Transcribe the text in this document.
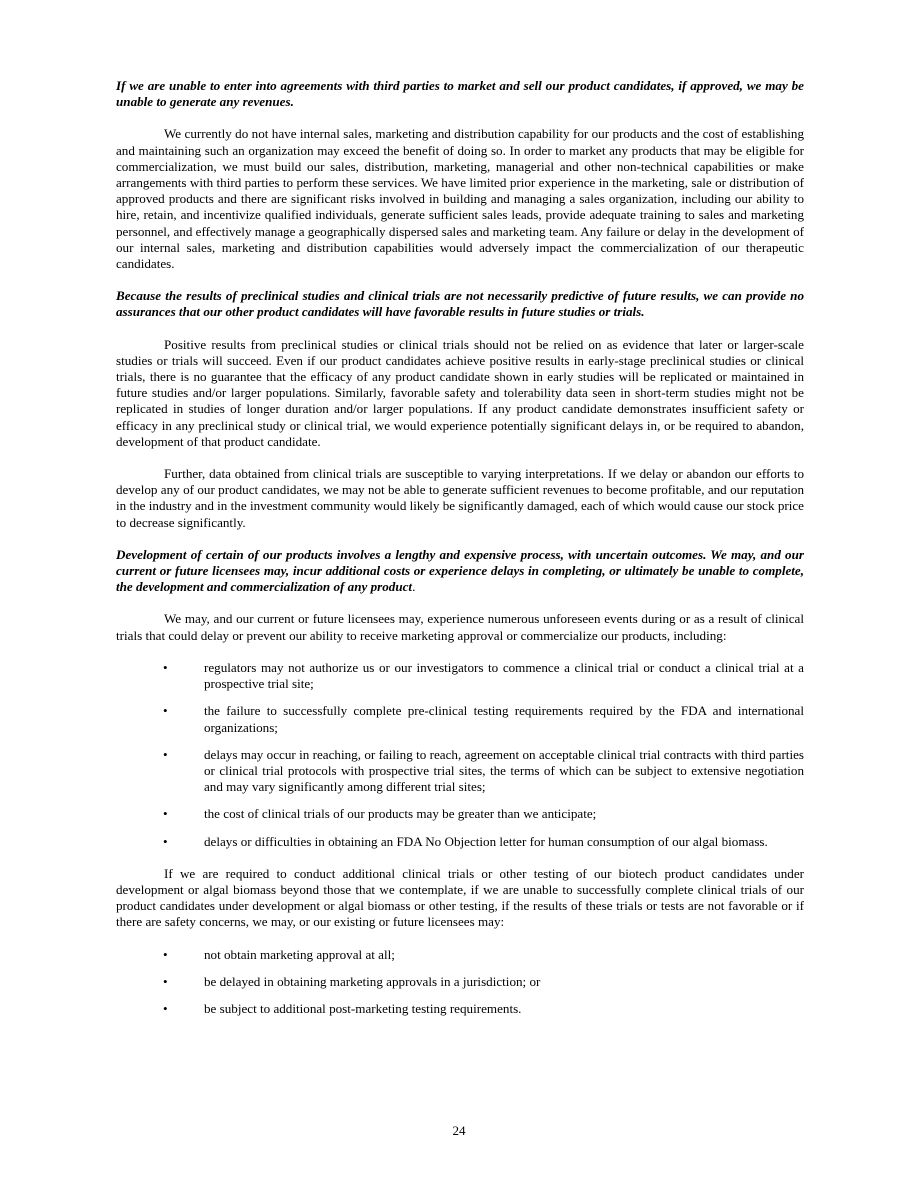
If we are unable to enter into agreements with third parties to market and sell our product candidates, if approved, we may be unable to generate any revenues.

We currently do not have internal sales, marketing and distribution capability for our products and the cost of establishing and maintaining such an organization may exceed the benefit of doing so. In order to market any products that may be eligible for commercialization, we must build our sales, distribution, marketing, managerial and other non-technical capabilities or make arrangements with third parties to perform these services. We have limited prior experience in the marketing, sale or distribution of approved products and there are significant risks involved in building and managing a sales organization, including our ability to hire, retain, and incentivize qualified individuals, generate sufficient sales leads, provide adequate training to sales and marketing personnel, and effectively manage a geographically dispersed sales and marketing team. Any failure or delay in the development of our internal sales, marketing and distribution capabilities would adversely impact the commercialization of our therapeutic candidates.

Because the results of preclinical studies and clinical trials are not necessarily predictive of future results, we can provide no assurances that our other product candidates will have favorable results in future studies or trials.

Positive results from preclinical studies or clinical trials should not be relied on as evidence that later or larger-scale studies or trials will succeed. Even if our product candidates achieve positive results in early-stage preclinical studies or clinical trials, there is no guarantee that the efficacy of any product candidate shown in early studies will be replicated or maintained in future studies and/or larger populations. Similarly, favorable safety and tolerability data seen in short-term studies might not be replicated in studies of longer duration and/or larger populations. If any product candidate demonstrates insufficient safety or efficacy in any preclinical study or clinical trial, we would experience potentially significant delays in, or be required to abandon, development of that product candidate.

Further, data obtained from clinical trials are susceptible to varying interpretations. If we delay or abandon our efforts to develop any of our product candidates, we may not be able to generate sufficient revenues to become profitable, and our reputation in the industry and in the investment community would likely be significantly damaged, each of which would cause our stock price to decrease significantly.

Development of certain of our products involves a lengthy and expensive process, with uncertain outcomes. We may, and our current or future licensees may, incur additional costs or experience delays in completing, or ultimately be unable to complete, the development and commercialization of any product.

We may, and our current or future licensees may, experience numerous unforeseen events during or as a result of clinical trials that could delay or prevent our ability to receive marketing approval or commercialize our products, including:

•	regulators may not authorize us or our investigators to commence a clinical trial or conduct a clinical trial at a prospective trial site;
•	the failure to successfully complete pre-clinical testing requirements required by the FDA and international organizations;
•	delays may occur in reaching, or failing to reach, agreement on acceptable clinical trial contracts with third parties or clinical trial protocols with prospective trial sites, the terms of which can be subject to extensive negotiation and may vary significantly among different trial sites;
•	the cost of clinical trials of our products may be greater than we anticipate;
•	delays or difficulties in obtaining an FDA No Objection letter for human consumption of our algal biomass.

If we are required to conduct additional clinical trials or other testing of our biotech product candidates under development or algal biomass beyond those that we contemplate, if we are unable to successfully complete clinical trials of our product candidates under development or algal biomass or other testing, if the results of these trials or tests are not favorable or if there are safety concerns, we may, or our existing or future licensees may:

•	not obtain marketing approval at all;
•	be delayed in obtaining marketing approvals in a jurisdiction; or
•	be subject to additional post-marketing testing requirements.
24
